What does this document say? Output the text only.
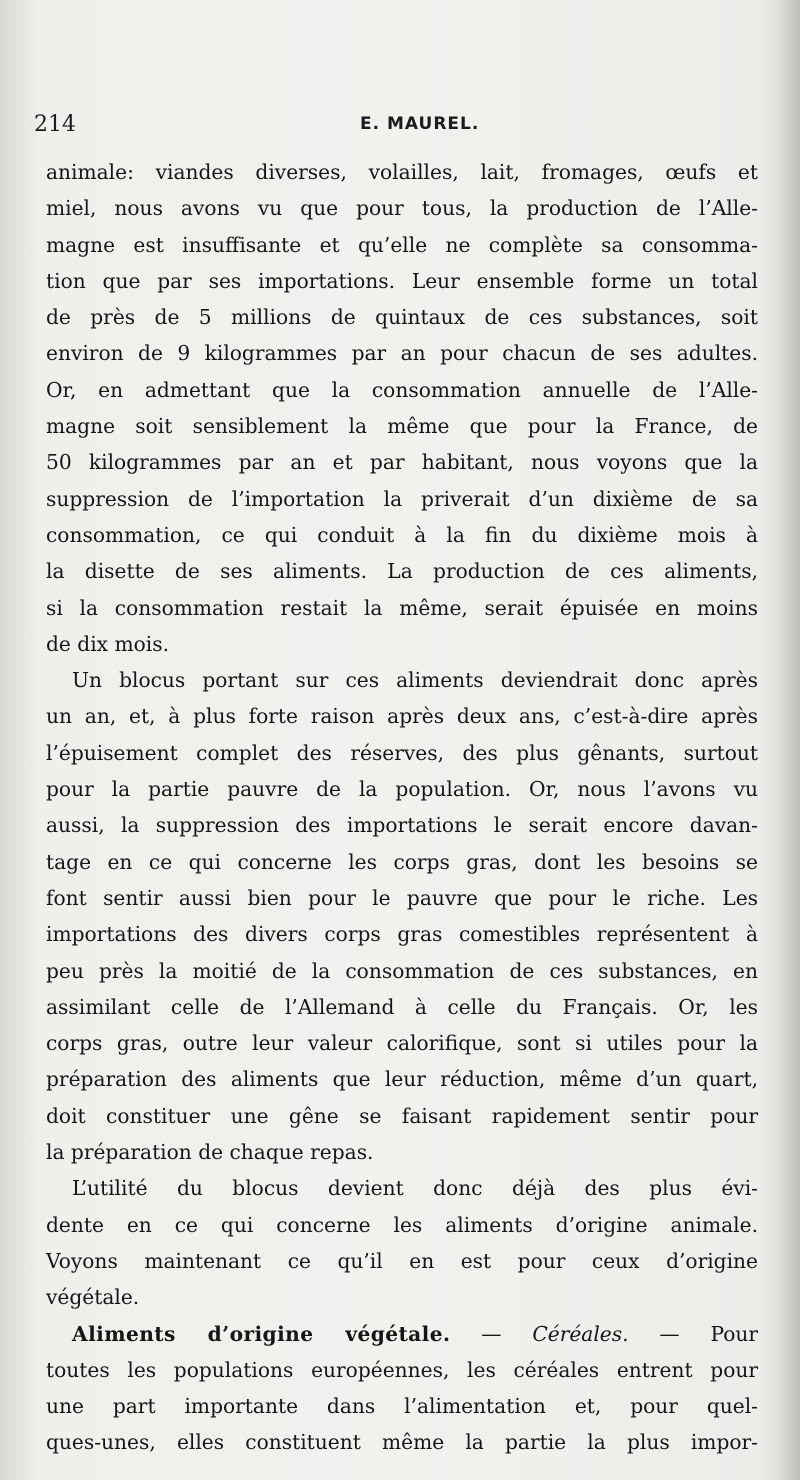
214	E. MAUREL.
animale: viandes diverses, volailles, lait, fromages, œufs et
miel, nous avons vu que pour tous, la production de l’Alle-
magne est insuffisante et qu’elle ne complète sa consomma-
tion que par ses importations. Leur ensemble forme un total
de près de 5 millions de quintaux de ces substances, soit
environ de 9 kilogrammes par an pour chacun de ses adultes.
Or, en admettant que la consommation annuelle de l’Alle-
magne soit sensiblement la même que pour la France, de
50 kilogrammes par an et par habitant, nous voyons que la
suppression de l’importation la priverait d’un dixième de sa
consommation, ce qui conduit à la fin du dixième mois à
la disette de ses aliments. La production de ces aliments,
si la consommation restait la même, serait épuisée en moins
de dix mois.
Un blocus portant sur ces aliments deviendrait donc après
un an, et, à plus forte raison après deux ans, c’est-à-dire après
l’épuisement complet des réserves, des plus gênants, surtout
pour la partie pauvre de la population. Or, nous l’avons vu
aussi, la suppression des importations le serait encore davan-
tage en ce qui concerne les corps gras, dont les besoins se
font sentir aussi bien pour le pauvre que pour le riche. Les
importations des divers corps gras comestibles représentent à
peu près la moitié de la consommation de ces substances, en
assimilant celle de l’Allemand à celle du Français. Or, les
corps gras, outre leur valeur calorifique, sont si utiles pour la
préparation des aliments que leur réduction, même d’un quart,
doit constituer une gêne se faisant rapidement sentir pour
la préparation de chaque repas.
L’utilité du blocus devient donc déjà des plus évi-
dente en ce qui concerne les aliments d’origine animale.
Voyons maintenant ce qu’il en est pour ceux d’origine
végétale.
Aliments d’origine végétale. — Céréales. — Pour
toutes les populations européennes, les céréales entrent pour
une part importante dans l’alimentation et, pour quel-
ques-unes, elles constituent même la partie la plus impor-
